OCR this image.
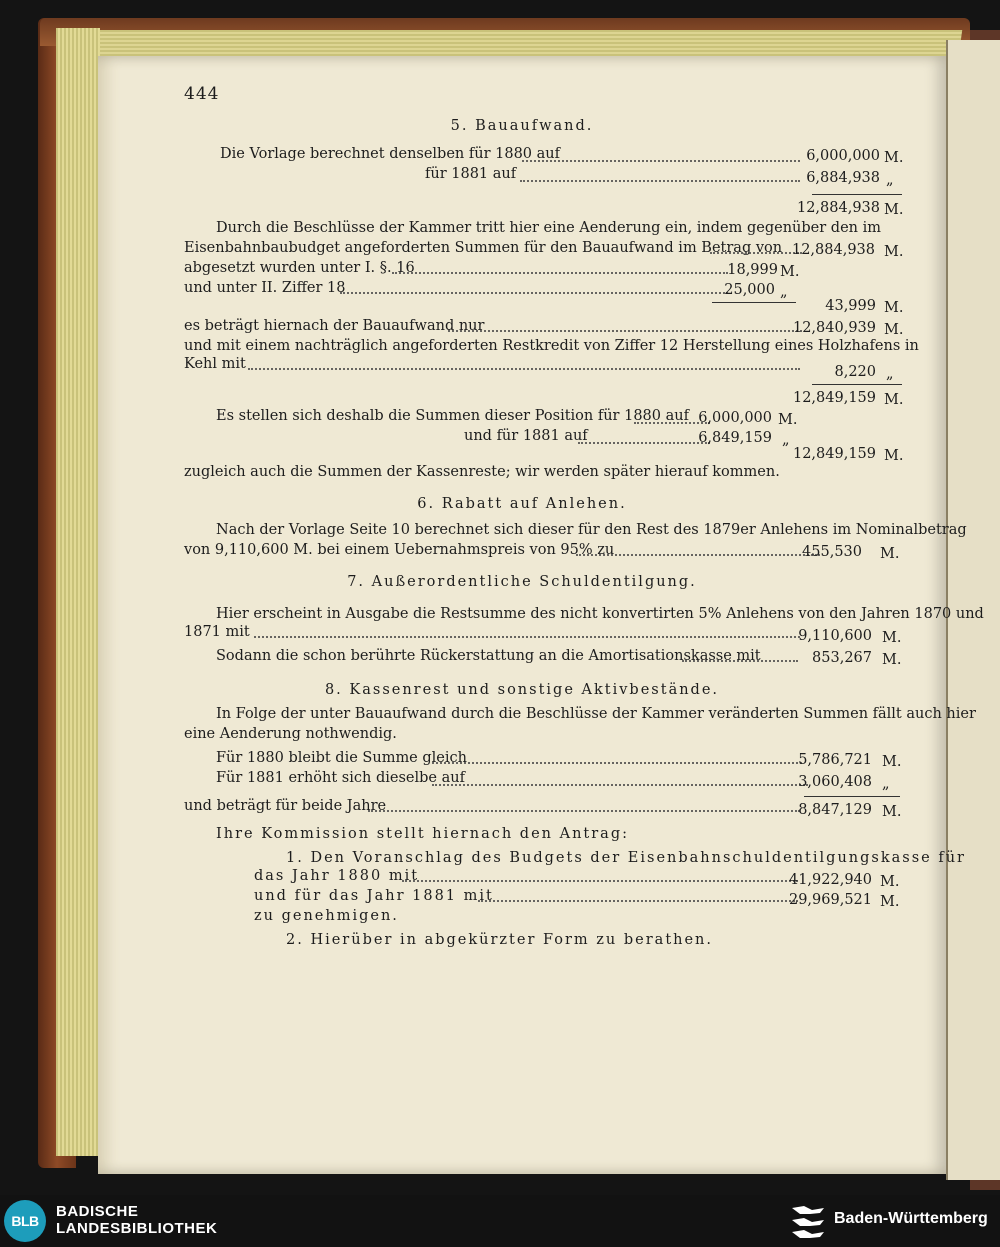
444
5. Bauaufwand.
Die Vorlage berechnet denselben für 1880 auf	6,000,000 M.
für 1881 auf	6,884,938 „
12,884,938 M.
Durch die Beschlüsse der Kammer tritt hier eine Aenderung ein, indem gegenüber den im
Eisenbahnbaubudget angeforderten Summen für den Bauaufwand im Betrag von 12,884,938 M.
abgesetzt wurden unter I. §. 16	18,999 M.
und unter II. Ziffer 18	25,000 „
43,999 M.
es beträgt hiernach der Bauaufwand nur	12,840,939 M.
und mit einem nachträglich angeforderten Restkredit von Ziffer 12 Herstellung eines Holzhafens in
Kehl mit	8,220 „
12,849,159 M.
Es stellen sich deshalb die Summen dieser Position für 1880 auf 6,000,000 M.
und für 1881 auf	6,849,159 „
12,849,159 M.
zugleich auch die Summen der Kassenreste; wir werden später hierauf kommen.
6. Rabatt auf Anlehen.
Nach der Vorlage Seite 10 berechnet sich dieser für den Rest des 1879er Anlehens im Nominalbetrag
von 9,110,600 M. bei einem Uebernahmspreis von 95% zu	455,530 M.
7. Außerordentliche Schuldentilgung.
Hier erscheint in Ausgabe die Restsumme des nicht konvertirten 5% Anlehens von den Jahren 1870 und
1871 mit	9,110,600 M.
Sodann die schon berührte Rückerstattung an die Amortisationskasse mit	853,267 M.
8. Kassenrest und sonstige Aktivbestände.
In Folge der unter Bauaufwand durch die Beschlüsse der Kammer veränderten Summen fällt auch hier
eine Aenderung nothwendig.
Für 1880 bleibt die Summe gleich	5,786,721 M.
Für 1881 erhöht sich dieselbe auf	3,060,408 „
und beträgt für beide Jahre	8,847,129 M.
Ihre Kommission stellt hiernach den Antrag:
1. Den Voranschlag des Budgets der Eisenbahnschuldentilgungskasse für
das Jahr 1880 mit	41,922,940 M.
und für das Jahr 1881 mit	29,969,521 M.
zu genehmigen.
2. Hierüber in abgekürzter Form zu berathen.
BLB
BADISCHE
LANDESBIBLIOTHEK
Baden-Württemberg
